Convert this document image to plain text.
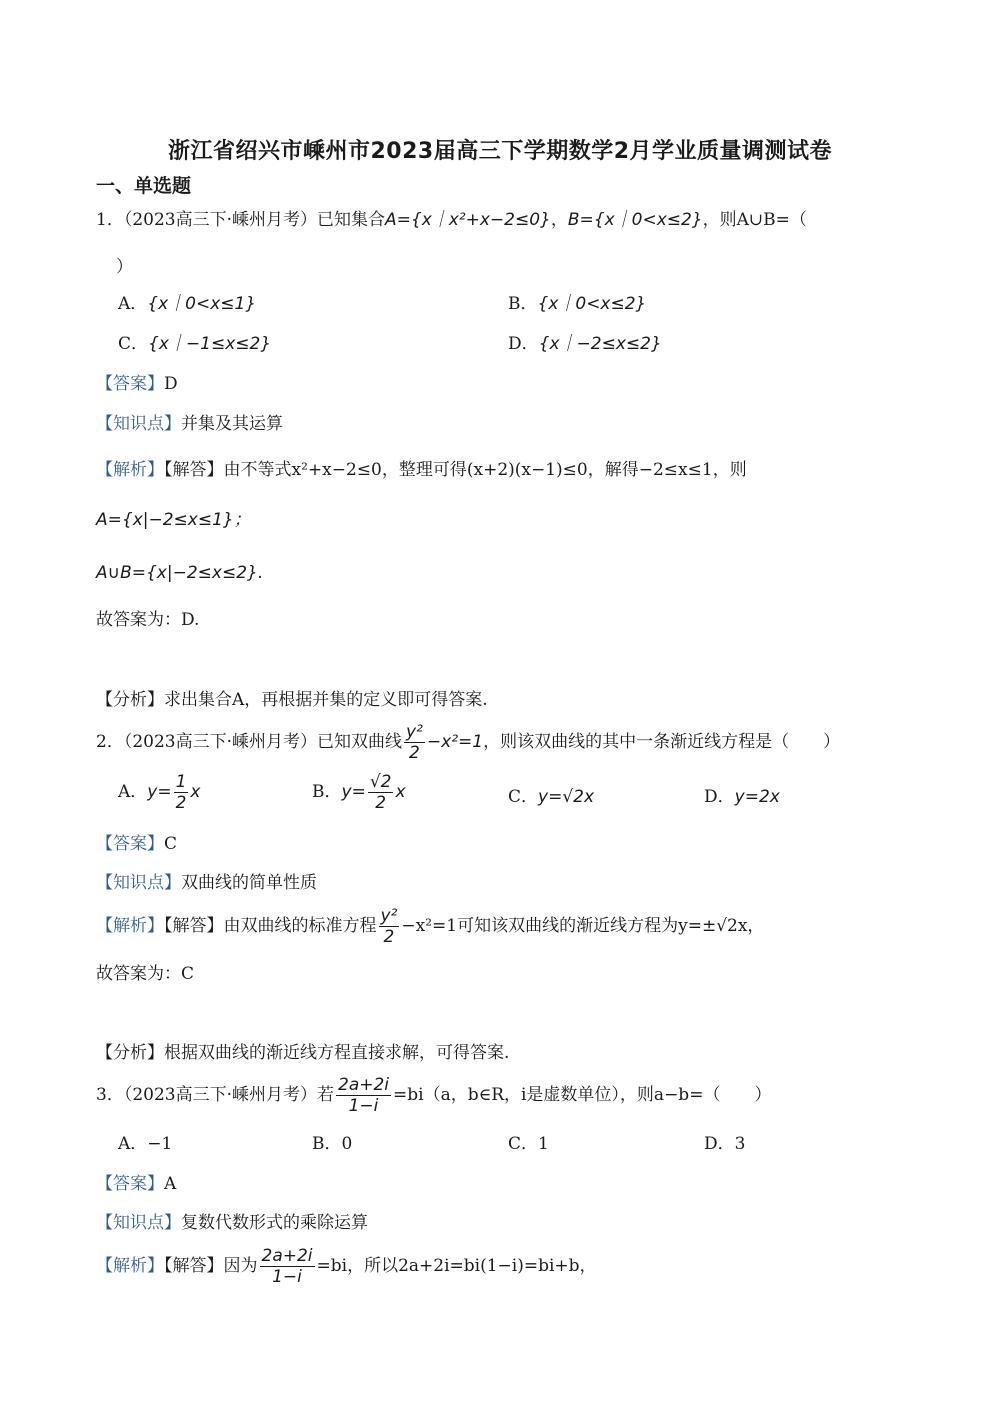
浙江省绍兴市嵊州市2023届高三下学期数学2月学业质量调测试卷
一、单选题
1．（2023高三下·嵊州月考）已知集合A={x｜x²+x−2≤0}，B={x｜0<x≤2}，则A∪B=（
）
A．{x｜0<x≤1}	B．{x｜0<x≤2}
C．{x｜−1≤x≤2}	D．{x｜−2≤x≤2}
【答案】D
【知识点】并集及其运算
【解析】【解答】由不等式x²+x−2≤0，整理可得(x+2)(x−1)≤0，解得−2≤x≤1，则
A={x|−2≤x≤1}；
A∪B={x|−2≤x≤2}.
故答案为：D.
【分析】求出集合A，再根据并集的定义即可得答案.
2．（2023高三下·嵊州月考）已知双曲线 $\frac{\text{y²}}{2} -x^2=1$，则该双曲线的其中一条渐近线方程是（　　）
A．$y= \frac{1}{2}$ x	B．$y= \frac{√2}{2}$ x	C．y=√2x	D．y=2x
【答案】C
【知识点】双曲线的简单性质
【解析】【解答】由双曲线的标准方程 $\frac{\text{y²}}{2} -x^2=1$可知该双曲线的渐近线方程为y=±√2x，
故答案为：C
【分析】根据双曲线的渐近线方程直接求解，可得答案.
3．（2023高三下·嵊州月考）若 $\frac{2a+2i}{1-i} =bi(a$，b∈R，i是虚数单位），则a−b=（　　）
A．−1	B．0	C．1	D．3
【答案】A
【知识点】复数代数形式的乘除运算
【解析】【解答】因为 $\frac{2a+2i}{1-i} =bi$，所以2a+2i=bi(1−i)=bi+b，
